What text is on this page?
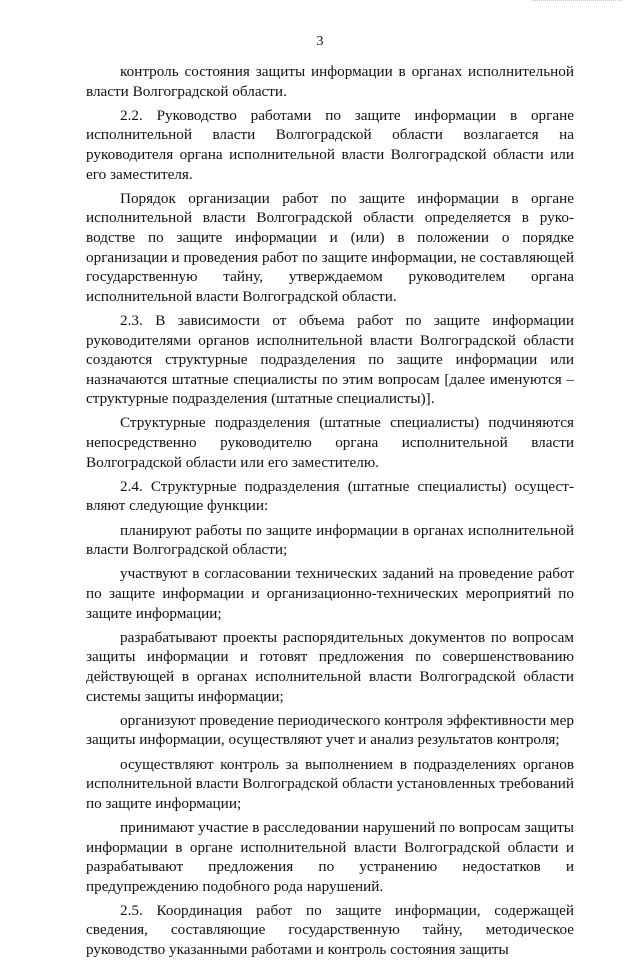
3

контроль состояния защиты информации в органах исполнительной власти Волгоградской области.

2.2. Руководство работами по защите информации в органе исполнительной власти Волгоградской области возлагается на руководителя органа исполнительной власти Волгоградской области или его заместителя.

Порядок организации работ по защите информации в органе исполнительной власти Волгоградской области определяется в руководстве по защите информации и (или) в положении о порядке организации и проведения работ по защите информации, не составляющей государственную тайну, утверждаемом руководителем органа исполнительной власти Волгоградской области.

2.3. В зависимости от объема работ по защите информации руководителями органов исполнительной власти Волгоградской области создаются структурные подразделения по защите информации или назначаются штатные специалисты по этим вопросам [далее именуются – структурные подразделения (штатные специалисты)].

Структурные подразделения (штатные специалисты) подчиняются непосредственно руководителю органа исполнительной власти Волгоградской области или его заместителю.

2.4. Структурные подразделения (штатные специалисты) осуществляют следующие функции:

планируют работы по защите информации в органах исполнительной власти Волгоградской области;

участвуют в согласовании технических заданий на проведение работ по защите информации и организационно-технических мероприятий по защите информации;

разрабатывают проекты распорядительных документов по вопросам защиты информации и готовят предложения по совершенствованию действующей в органах исполнительной власти Волгоградской области системы защиты информации;

организуют проведение периодического контроля эффективности мер защиты информации, осуществляют учет и анализ результатов контроля;

осуществляют контроль за выполнением в подразделениях органов исполнительной власти Волгоградской области установленных требований по защите информации;

принимают участие в расследовании нарушений по вопросам защиты информации в органе исполнительной власти Волгоградской области и разрабатывают предложения по устранению недостатков и предупреждению подобного рода нарушений.

2.5. Координация работ по защите информации, содержащей сведения, составляющие государственную тайну, методическое руководство указанными работами и контроль состояния защиты
